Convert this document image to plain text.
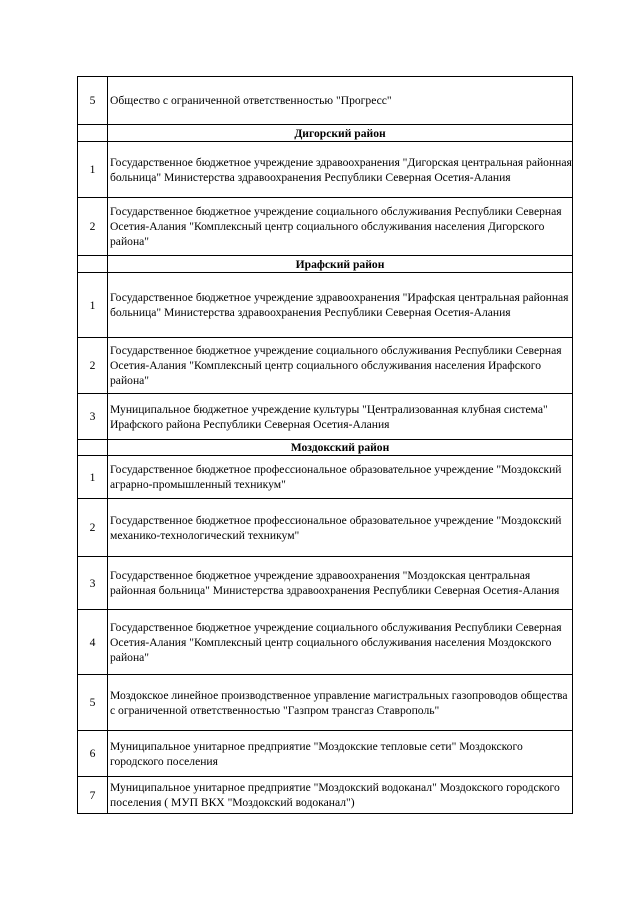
5	Общество с ограниченной ответственностью "Прогресс"
	Дигорский район
1	Государственное бюджетное учреждение здравоохранения "Дигорская центральная районная больница" Министерства здравоохранения Республики Северная Осетия-Алания
2	Государственное бюджетное учреждение социального обслуживания Республики Северная Осетия-Алания "Комплексный центр социального обслуживания населения Дигорского района"
	Ирафский район
1	Государственное бюджетное учреждение здравоохранения "Ирафская центральная районная больница" Министерства здравоохранения Республики Северная Осетия-Алания
2	Государственное бюджетное учреждение социального обслуживания Республики Северная Осетия-Алания "Комплексный центр социального обслуживания населения Ирафского района"
3	Муниципальное бюджетное учреждение культуры "Централизованная клубная система" Ирафского района Республики Северная Осетия-Алания
	Моздокский район
1	Государственное бюджетное профессиональное образовательное учреждение "Моздокский аграрно-промышленный техникум"
2	Государственное бюджетное профессиональное образовательное учреждение "Моздокский механико-технологический техникум"
3	Государственное бюджетное учреждение здравоохранения "Моздокская центральная районная больница" Министерства здравоохранения Республики Северная Осетия-Алания
4	Государственное бюджетное учреждение социального обслуживания Республики Северная Осетия-Алания "Комплексный центр социального обслуживания населения Моздокского района"
5	Моздокское линейное производственное управление магистральных газопроводов общества с ограниченной ответственностью "Газпром трансгаз Ставрополь"
6	Муниципальное унитарное предприятие "Моздокские тепловые сети" Моздокского городского поселения
7	Муниципальное унитарное предприятие "Моздокский водоканал" Моздокского городского поселения ( МУП ВКХ "Моздокский водоканал")
